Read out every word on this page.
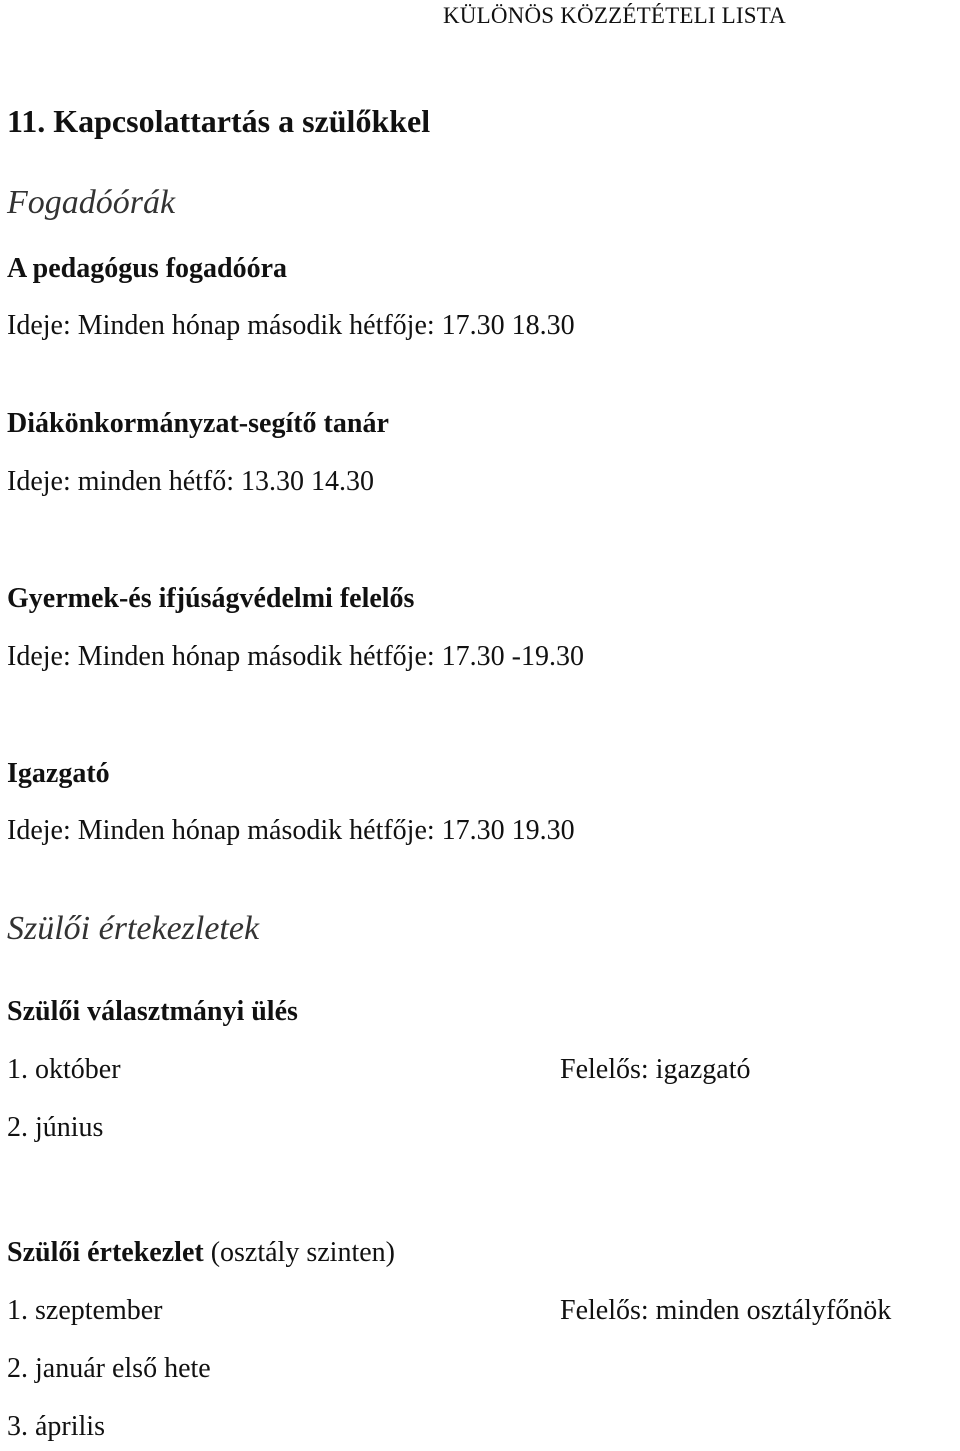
KÜLÖNÖS KÖZZÉTÉTELI LISTA
11. Kapcsolattartás a szülőkkel
Fogadóórák
A pedagógus fogadóóra
Ideje: Minden hónap második hétfője: 17.30 18.30
Diákönkormányzat-segítő tanár
Ideje: minden hétfő: 13.30 14.30
Gyermek-és ifjúságvédelmi felelős
Ideje: Minden hónap második hétfője: 17.30 -19.30
Igazgató
Ideje: Minden hónap második hétfője: 17.30 19.30
Szülői értekezletek
Szülői választmányi ülés
1. október	Felelős: igazgató
2. június
Szülői értekezlet (osztály szinten)
1. szeptember	Felelős: minden osztályfőnök
2. január első hete
3. április
